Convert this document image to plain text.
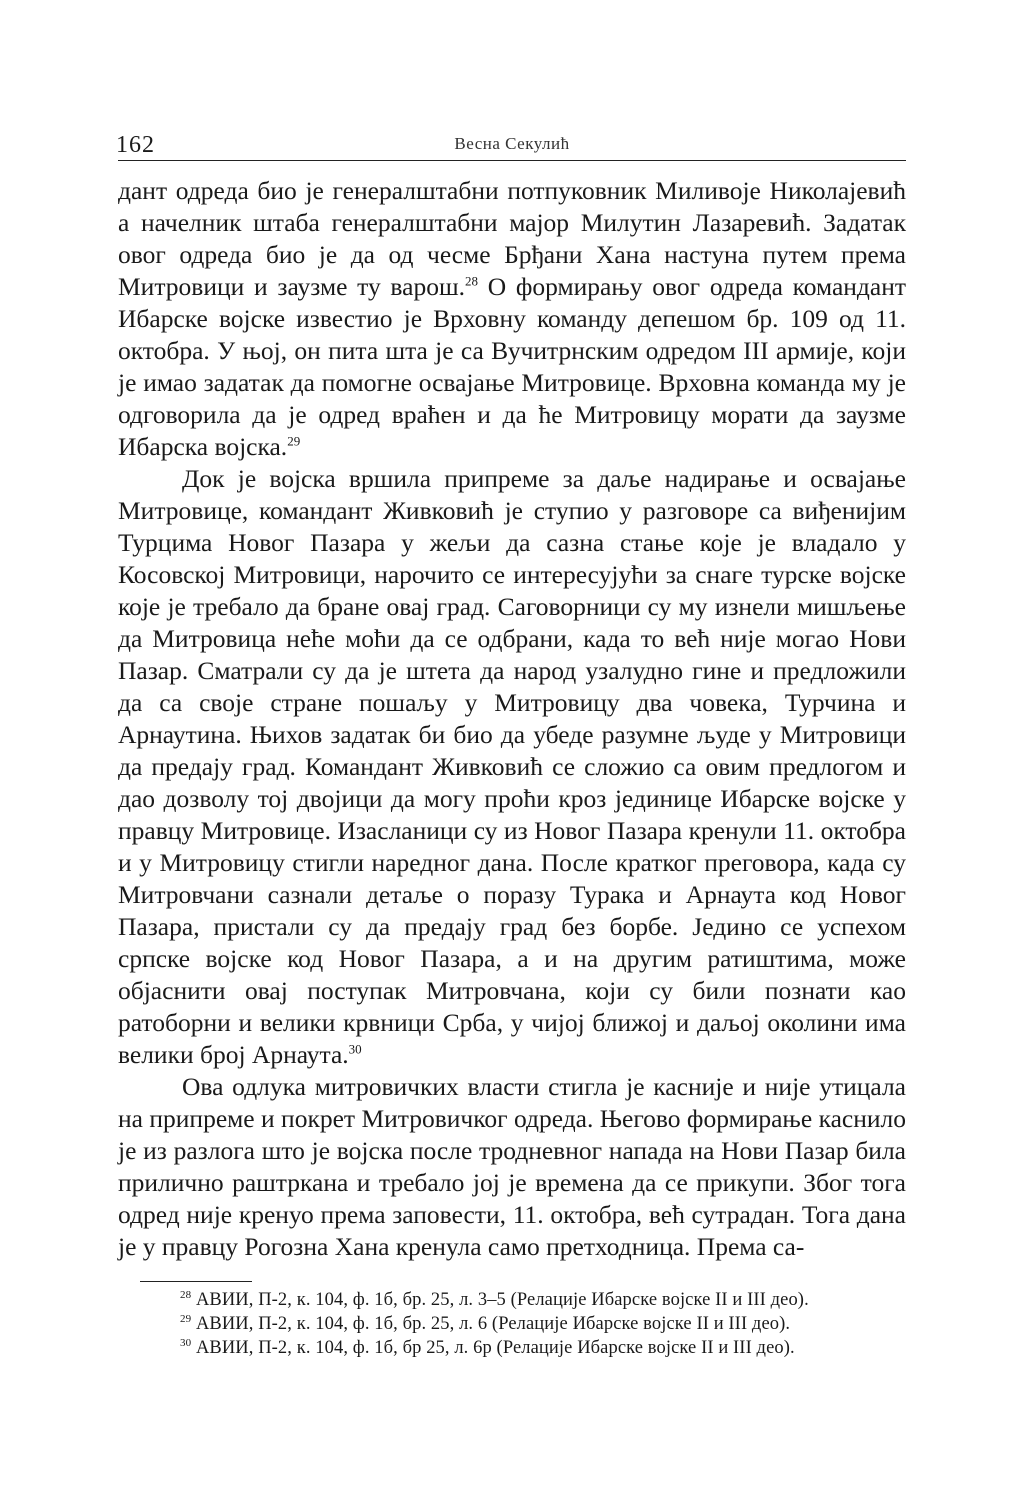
162	Весна Секулић

дант одреда био је генералштабни потпуковник Миливоје Николајевић а начелник штаба генералштабни мајор Милутин Лазаревић. Задатак овог одреда био је да од чесме Брђани Хана настуна путем према Митровици и заузме ту варош.$^{28}$ О формирању овог одреда командант Ибарске војске известио је Врховну команду депешом бр. 109 од 11. октобра. У њој, он пита шта је са Вучитрнским одредом III армије, који је имао задатак да помогне освајање Митровице. Врховна команда му је одговорила да је одред враћен и да ће Митровицу морати да заузме Ибарска војска.$^{29}$

Док је војска вршила припреме за даље надирање и освајање Митровице, командант Живковић је ступио у разговоре са виђенијим Турцима Новог Пазара у жељи да сазна стање које је владало у Косовској Митровици, нарочито се интересујући за снаге турске војске које је требало да бране овај град. Саговорници су му изнели мишљење да Митровица неће моћи да се одбрани, када то већ није могао Нови Пазар. Сматрали су да је штета да народ узалудно гине и предложили да са своје стране пошаљу у Митровицу два човека, Турчина и Арнаутина. Њихов задатак би био да убеде разумне људе у Митровици да предају град. Командант Живковић се сложио са овим предлогом и дао дозволу тој двојици да могу проћи кроз јединице Ибарске војске у правцу Митровице. Изасланици су из Новог Пазара кренули 11. октобра и у Митровицу стигли наредног дана. После кратког преговора, када су Митровчани сазнали детаље о поразу Турака и Арнаута код Новог Пазара, пристали су да предају град без борбе. Једино се успехом српске војске код Новог Пазара, а и на другим ратиштима, може објаснити овај поступак Митровчана, који су били познати као ратоборни и велики крвници Срба, у чијој ближој и даљој околини има велики број Арнаута.$^{30}$

Ова одлука митровичких власти стигла је касније и није утицала на припреме и покрет Митровичког одреда. Његово формирање каснило је из разлога што је војска после тродневног напада на Нови Пазар била прилично раштркана и требало јој је времена да се прикупи. Због тога одред није кренуо према заповести, 11. октобра, већ сутрадан. Тога дана је у правцу Рогозна Хана кренула само претходница. Према са-

$^{28}$ АВИИ, П-2, к. 104, ф. 1б, бр. 25, л. 3–5 (Релације Ибарске војске II и III део).

$^{29}$ АВИИ, П-2, к. 104, ф. 1б, бр. 25, л. 6 (Релације Ибарске војске II и III део).

$^{30}$ АВИИ, П-2, к. 104, ф. 1б, бр 25, л. 6р (Релације Ибарске војске II и III део).
